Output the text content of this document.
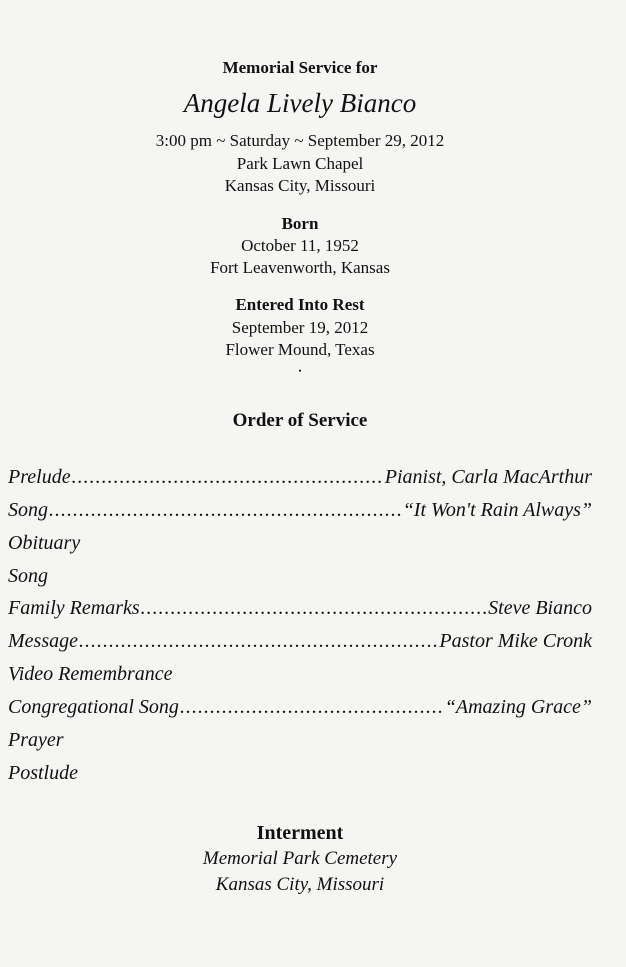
Memorial Service for
Angela Lively Bianco
3:00 pm ~ Saturday ~ September 29, 2012
Park Lawn Chapel
Kansas City, Missouri
Born
October 11, 1952
Fort Leavenworth, Kansas
Entered Into Rest
September 19, 2012
Flower Mound, Texas
•
Order of Service
Prelude .....	Pianist, Carla MacArthur
Song .....	“It Won't Rain Always”
Obituary
Song
Family Remarks .....	Steve Bianco
Message .....	Pastor Mike Cronk
Video Remembrance
Congregational Song .....	“Amazing Grace”
Prayer
Postlude
Interment
Memorial Park Cemetery
Kansas City, Missouri
